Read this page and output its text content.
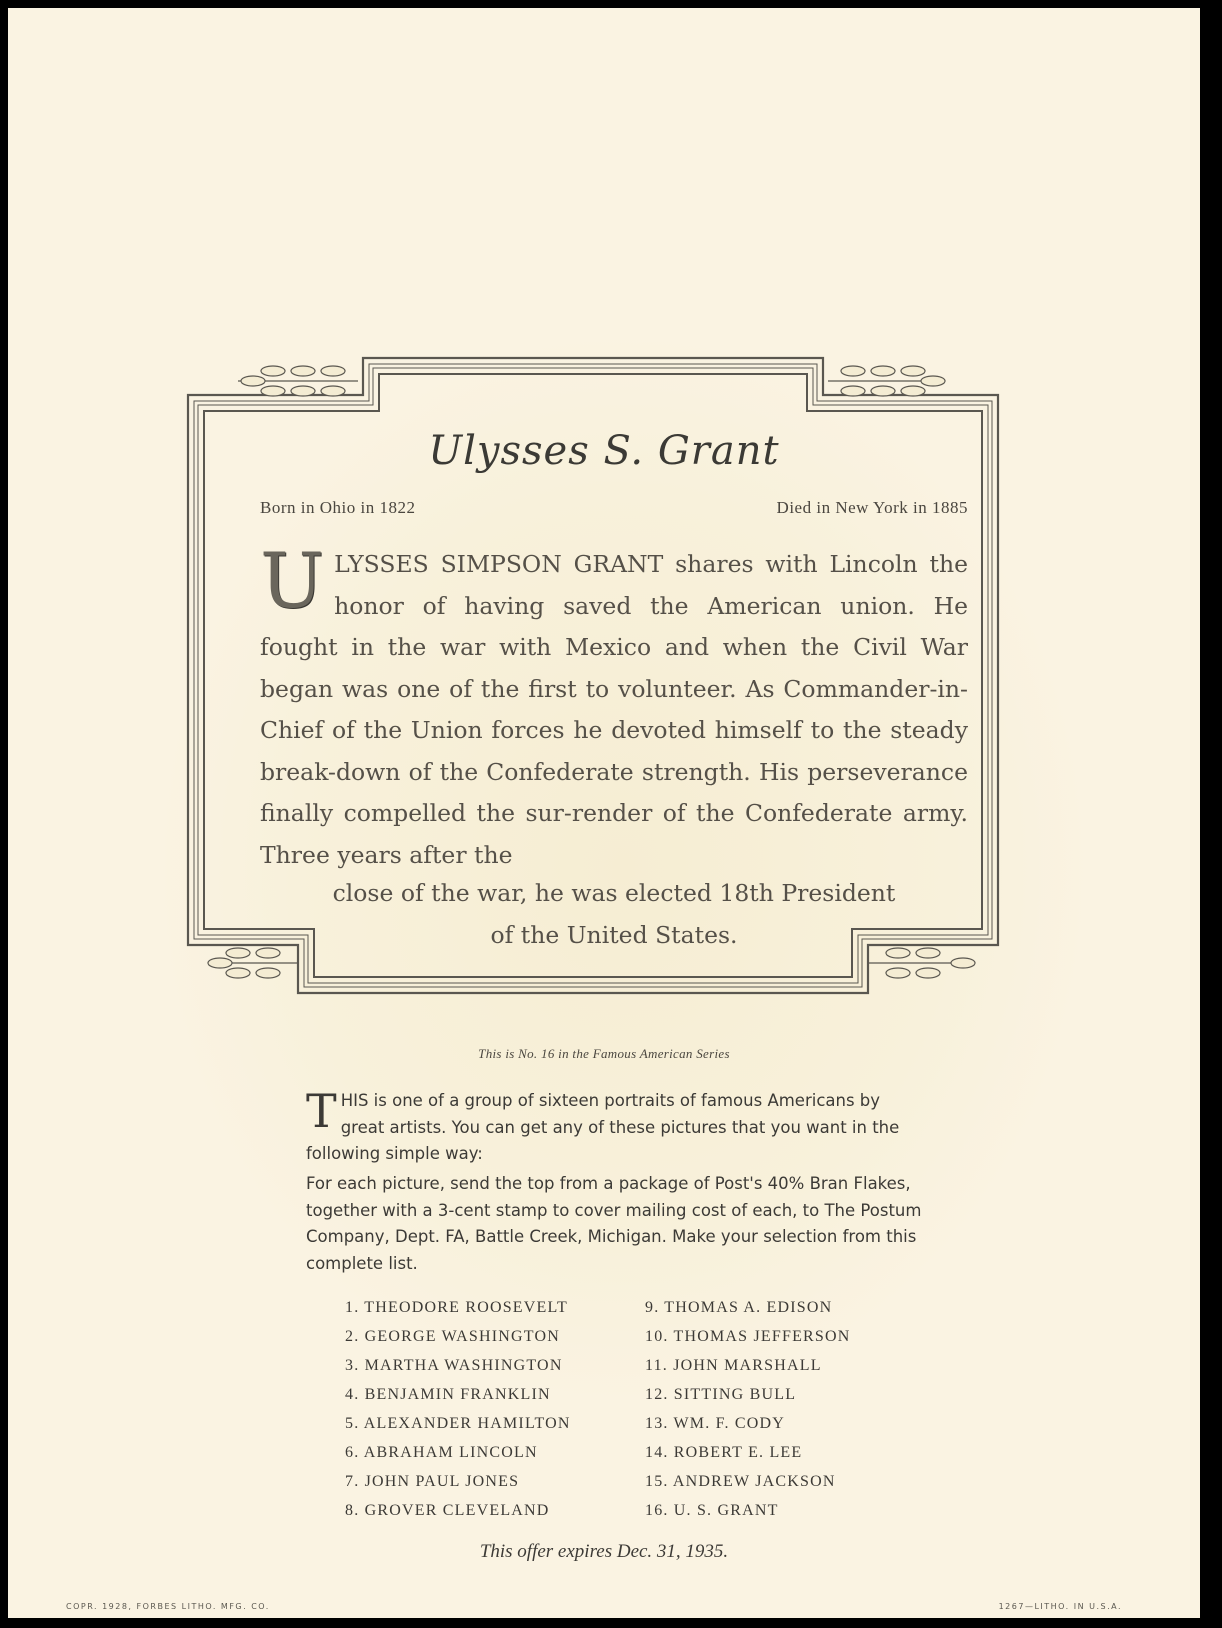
Ulysses S. Grant
Born in Ohio in 1822	Died in New York in 1885
ULYSSES SIMPSON GRANT shares with Lincoln the honor of having saved the American union. He fought in the war with Mexico and when the Civil War began was one of the first to volunteer. As Commander-in-Chief of the Union forces he devoted himself to the steady break-down of the Confederate strength. His perseverance finally compelled the sur-render of the Confederate army. Three years after the
close of the war, he was elected 18th President
of the United States.
This is No. 16 in the Famous American Series
THIS is one of a group of sixteen portraits of famous Americans by great artists. You can get any of these pictures that you want in the following simple way:
For each picture, send the top from a package of Post's 40% Bran Flakes, together with a 3-cent stamp to cover mailing cost of each, to The Postum Company, Dept. FA, Battle Creek, Michigan. Make your selection from this complete list.
1. THEODORE ROOSEVELT
2. GEORGE WASHINGTON
3. MARTHA WASHINGTON
4. BENJAMIN FRANKLIN
5. ALEXANDER HAMILTON
6. ABRAHAM LINCOLN
7. JOHN PAUL JONES
8. GROVER CLEVELAND
9. THOMAS A. EDISON
10. THOMAS JEFFERSON
11. JOHN MARSHALL
12. SITTING BULL
13. WM. F. CODY
14. ROBERT E. LEE
15. ANDREW JACKSON
16. U. S. GRANT
This offer expires Dec. 31, 1935.
COPR. 1928, FORBES LITHO. MFG. CO.	1267—LITHO. IN U.S.A.
